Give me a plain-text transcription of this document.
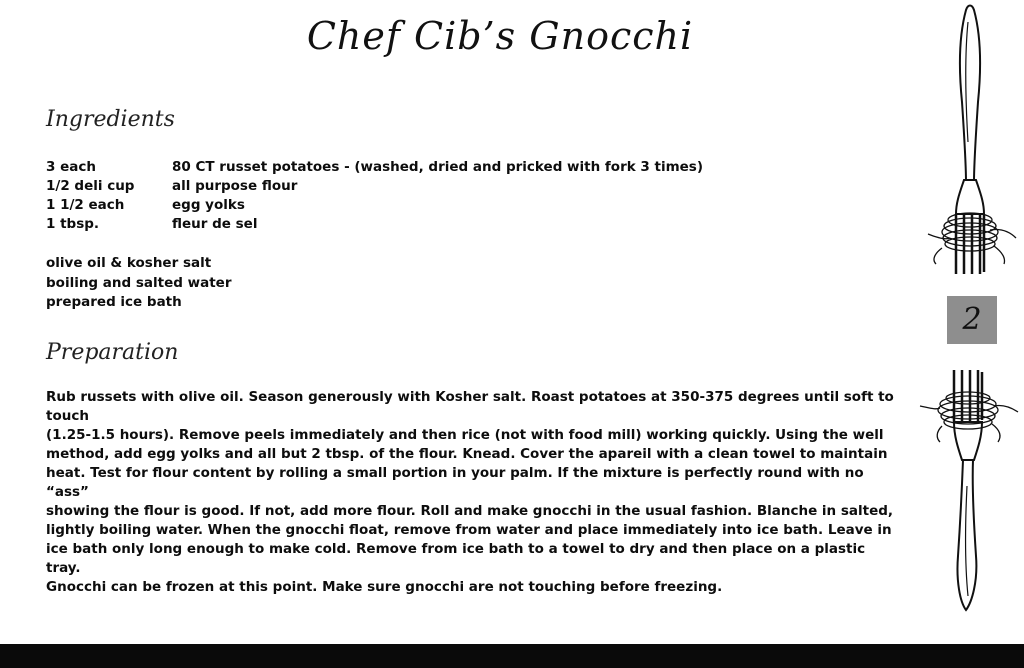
Chef Cib’s Gnocchi
Ingredients
3 each	80 CT russet potatoes - (washed, dried and pricked with fork 3 times)
1/2 deli cup	all purpose flour
1 1/2 each	egg yolks
1 tbsp.	fleur de sel
olive oil & kosher salt
boiling and salted water
prepared ice bath
Preparation
Rub russets with olive oil. Season generously with Kosher salt. Roast potatoes at 350-375 degrees until soft to touch
(1.25-1.5 hours). Remove peels immediately and then rice (not with food mill) working quickly. Using the well
method, add egg yolks and all but 2 tbsp. of the flour. Knead. Cover the apareil with a clean towel to maintain
heat. Test for flour content by rolling a small portion in your palm. If the mixture is perfectly round with no “ass”
showing the flour is good. If not, add more flour. Roll and make gnocchi in the usual fashion. Blanche in salted,
lightly boiling water. When the gnocchi float, remove from water and place immediately into ice bath. Leave in
ice bath only long enough to make cold. Remove from ice bath to a towel to dry and then place on a plastic tray.
Gnocchi can be frozen at this point. Make sure gnocchi are not touching before freezing.
2
